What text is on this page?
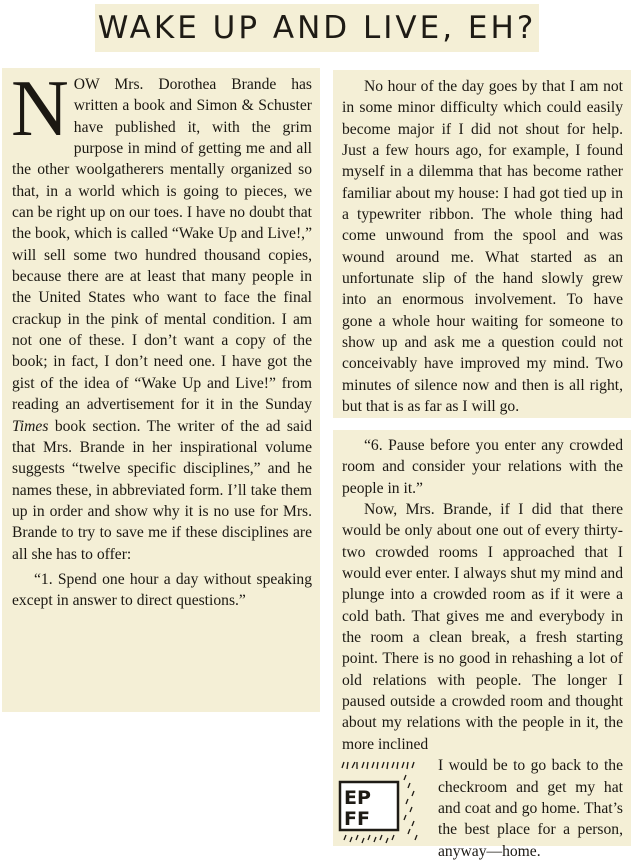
WAKE UP AND LIVE, EH?

NOW Mrs. Dorothea Brande has written a book and Simon & Schuster have published it, with the grim purpose in mind of getting me and all the other woolgatherers mentally organized so that, in a world which is going to pieces, we can be right up on our toes. I have no doubt that the book, which is called “Wake Up and Live!,” will sell some two hundred thousand copies, because there are at least that many people in the United States who want to face the final crackup in the pink of mental condition. I am not one of these. I don’t want a copy of the book; in fact, I don’t need one. I have got the gist of the idea of “Wake Up and Live!” from reading an advertisement for it in the Sunday Times book section. The writer of the ad said that Mrs. Brande in her inspirational volume suggests “twelve specific disciplines,” and he names these, in abbreviated form. I’ll take them up in order and show why it is no use for Mrs. Brande to try to save me if these disciplines are all she has to offer:

“1. Spend one hour a day without speaking except in answer to direct questions.”

No hour of the day goes by that I am not in some minor difficulty which could easily become major if I did not shout for help. Just a few hours ago, for example, I found myself in a dilemma that has become rather familiar about my house: I had got tied up in a typewriter ribbon. The whole thing had come unwound from the spool and was wound around me. What started as an unfortunate slip of the hand slowly grew into an enormous involvement. To have gone a whole hour waiting for someone to show up and ask me a question could not conceivably have improved my mind. Two minutes of silence now and then is all right, but that is as far as I will go.

“6. Pause before you enter any crowded room and consider your relations with the people in it.”

Now, Mrs. Brande, if I did that there would be only about one out of every thirty-two crowded rooms I approached that I would ever enter. I always shut my mind and plunge into a crowded room as if it were a cold bath. That gives me and everybody in the room a clean break, a fresh starting point. There is no good in rehashing a lot of old relations with people. The longer I paused outside a crowded room and thought about my relations with the people in it, the more inclined

I would be to go back to the checkroom and get my hat and coat and go home. That’s the best place for a person, anyway—home.

EP
FF
